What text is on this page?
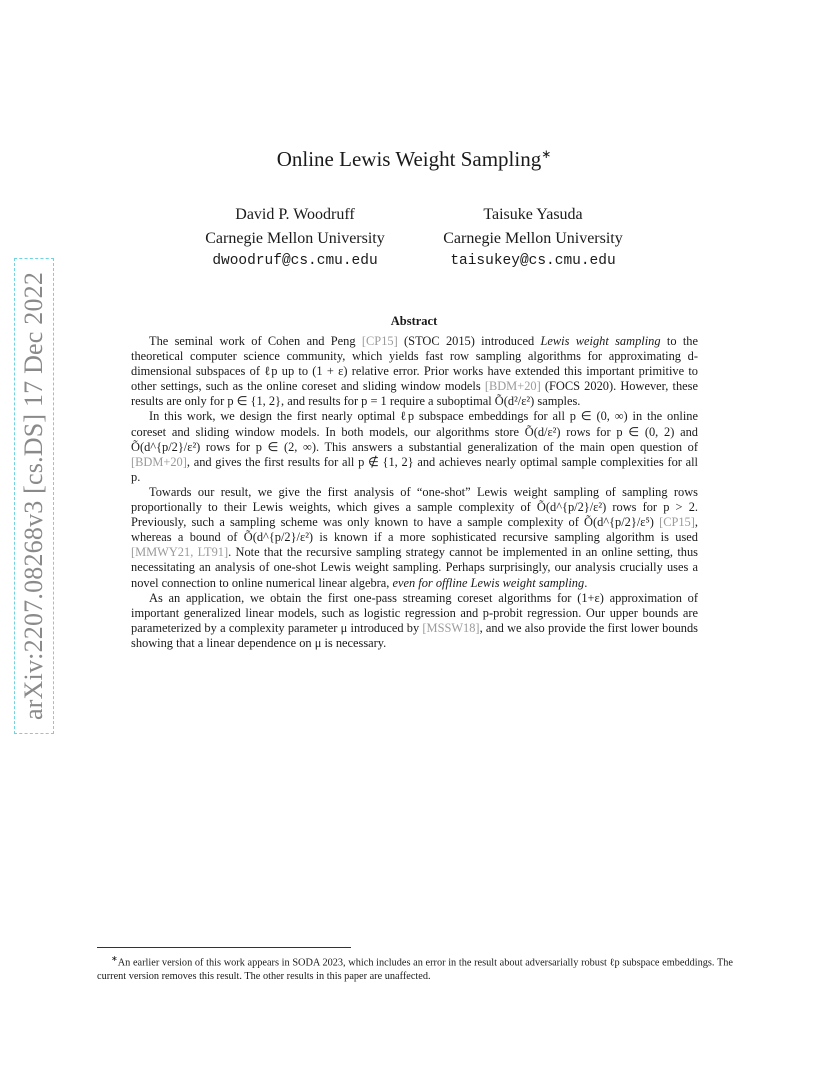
arXiv:2207.08268v3 [cs.DS] 17 Dec 2022
Online Lewis Weight Sampling∗
David P. Woodruff
Carnegie Mellon University
dwoodruf@cs.cmu.edu
Taisuke Yasuda
Carnegie Mellon University
taisukey@cs.cmu.edu
Abstract

The seminal work of Cohen and Peng [CP15] (STOC 2015) introduced Lewis weight sampling to the theoretical computer science community, which yields fast row sampling algorithms for approximating d-dimensional subspaces of ℓp up to (1 + ε) relative error. Prior works have extended this important primitive to other settings, such as the online coreset and sliding window models [BDM+20] (FOCS 2020). However, these results are only for p ∈ {1, 2}, and results for p = 1 require a suboptimal Õ(d²/ε²) samples.

In this work, we design the first nearly optimal ℓp subspace embeddings for all p ∈ (0, ∞) in the online coreset and sliding window models. In both models, our algorithms store Õ(d/ε²) rows for p ∈ (0, 2) and Õ(d^{p/2}/ε²) rows for p ∈ (2, ∞). This answers a substantial generalization of the main open question of [BDM+20], and gives the first results for all p ∉ {1, 2} and achieves nearly optimal sample complexities for all p.

Towards our result, we give the first analysis of “one-shot” Lewis weight sampling of sampling rows proportionally to their Lewis weights, which gives a sample complexity of Õ(d^{p/2}/ε²) rows for p > 2. Previously, such a sampling scheme was only known to have a sample complexity of Õ(d^{p/2}/ε⁵) [CP15], whereas a bound of Õ(d^{p/2}/ε²) is known if a more sophisticated recursive sampling algorithm is used [MMWY21, LT91]. Note that the recursive sampling strategy cannot be implemented in an online setting, thus necessitating an analysis of one-shot Lewis weight sampling. Perhaps surprisingly, our analysis crucially uses a novel connection to online numerical linear algebra, even for offline Lewis weight sampling.

As an application, we obtain the first one-pass streaming coreset algorithms for (1+ε) approximation of important generalized linear models, such as logistic regression and p-probit regression. Our upper bounds are parameterized by a complexity parameter μ introduced by [MSSW18], and we also provide the first lower bounds showing that a linear dependence on μ is necessary.

∗An earlier version of this work appears in SODA 2023, which includes an error in the result about adversarially robust ℓp subspace embeddings. The current version removes this result. The other results in this paper are unaffected.
